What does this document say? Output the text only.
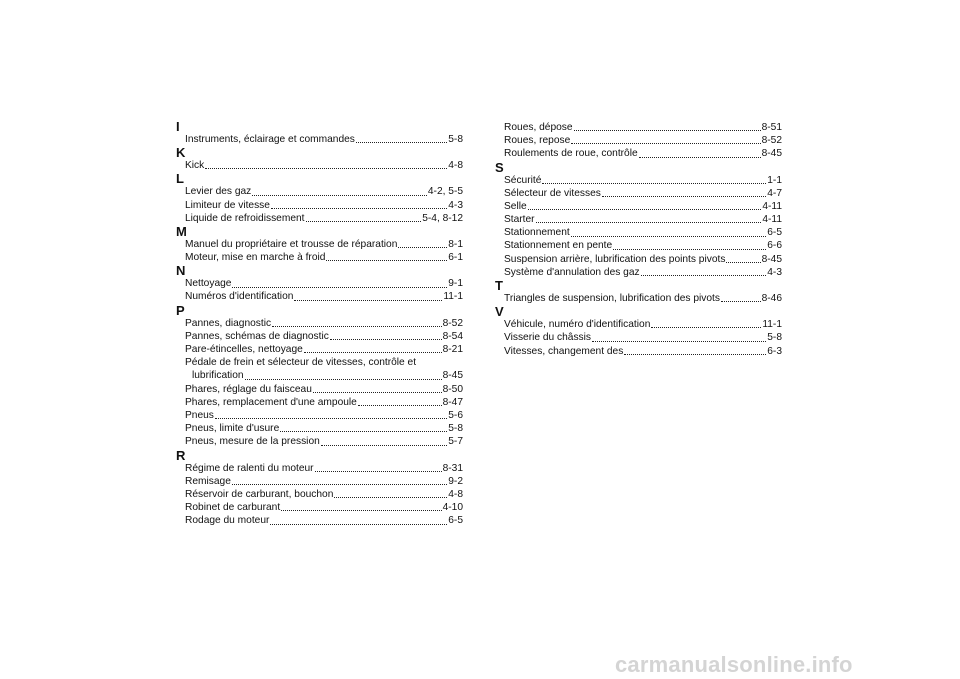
I
Instruments, éclairage et commandes	5-8
K
Kick	4-8
L
Levier des gaz	4-2, 5-5
Limiteur de vitesse	4-3
Liquide de refroidissement	5-4, 8-12
M
Manuel du propriétaire et trousse de réparation	8-1
Moteur, mise en marche à froid	6-1
N
Nettoyage	9-1
Numéros d'identification	11-1
P
Pannes, diagnostic	8-52
Pannes, schémas de diagnostic	8-54
Pare-étincelles, nettoyage	8-21
Pédale de frein et sélecteur de vitesses, contrôle et
lubrification	8-45
Phares, réglage du faisceau	8-50
Phares, remplacement d'une ampoule	8-47
Pneus	5-6
Pneus, limite d'usure	5-8
Pneus, mesure de la pression	5-7
R
Régime de ralenti du moteur	8-31
Remisage	9-2
Réservoir de carburant, bouchon	4-8
Robinet de carburant	4-10
Rodage du moteur	6-5
Roues, dépose	8-51
Roues, repose	8-52
Roulements de roue, contrôle	8-45
S
Sécurité	1-1
Sélecteur de vitesses	4-7
Selle	4-11
Starter	4-11
Stationnement	6-5
Stationnement en pente	6-6
Suspension arrière, lubrification des points pivots	8-45
Système d'annulation des gaz	4-3
T
Triangles de suspension, lubrification des pivots	8-46
V
Véhicule, numéro d'identification	11-1
Visserie du châssis	5-8
Vitesses, changement des	6-3
carmanualsonline.info
